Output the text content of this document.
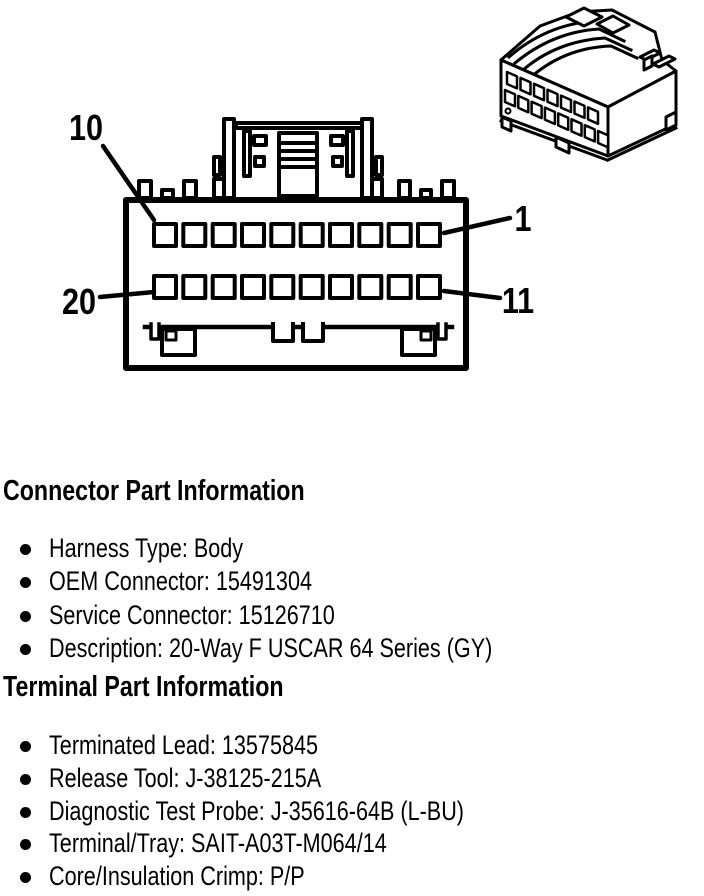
10
1
20	11
Connector Part Information
Harness Type: Body
OEM Connector: 15491304
Service Connector: 15126710
Description: 20-Way F USCAR 64 Series (GY)
Terminal Part Information
Terminated Lead: 13575845
Release Tool: J-38125-215A
Diagnostic Test Probe: J-35616-64B (L-BU)
Terminal/Tray: SAIT-A03T-M064/14
Core/Insulation Crimp: P/P
